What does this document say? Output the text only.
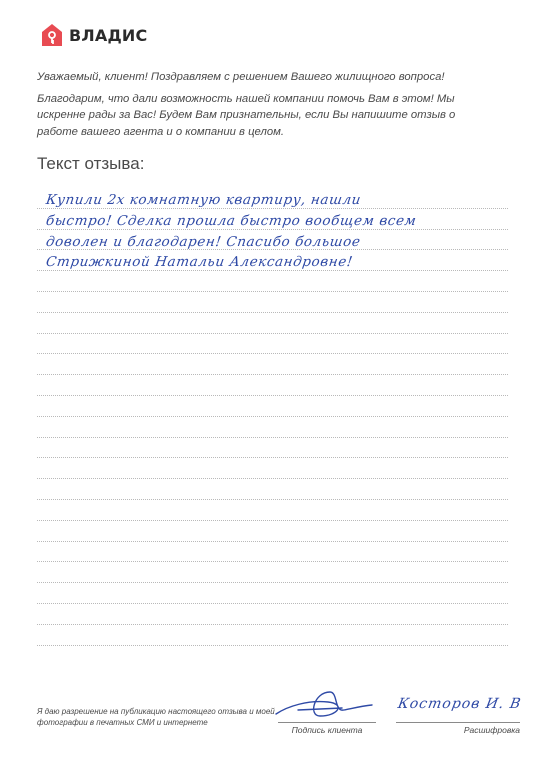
ВЛАДИС

Уважаемый, клиент! Поздравляем с решением Вашего жилищного вопроса!

Благодарим, что дали возможность нашей компании помочь Вам в этом! Мы искренне рады за Вас! Будем Вам признательны, если Вы напишите отзыв о работе вашего агента и о компании в целом.

Текст отзыва:
Купили 2х комнатную квартиру, нашли
быстро! Сделка прошла быстро вообщем всем
доволен и благодарен! Спасибо большое
Стрижкиной Натальи Александровне!
Я даю разрешение на публикацию настоящего отзыва и моей фотографии в печатных СМИ и интернете
Подпись клиента
Косторов И. В
Расшифровка
